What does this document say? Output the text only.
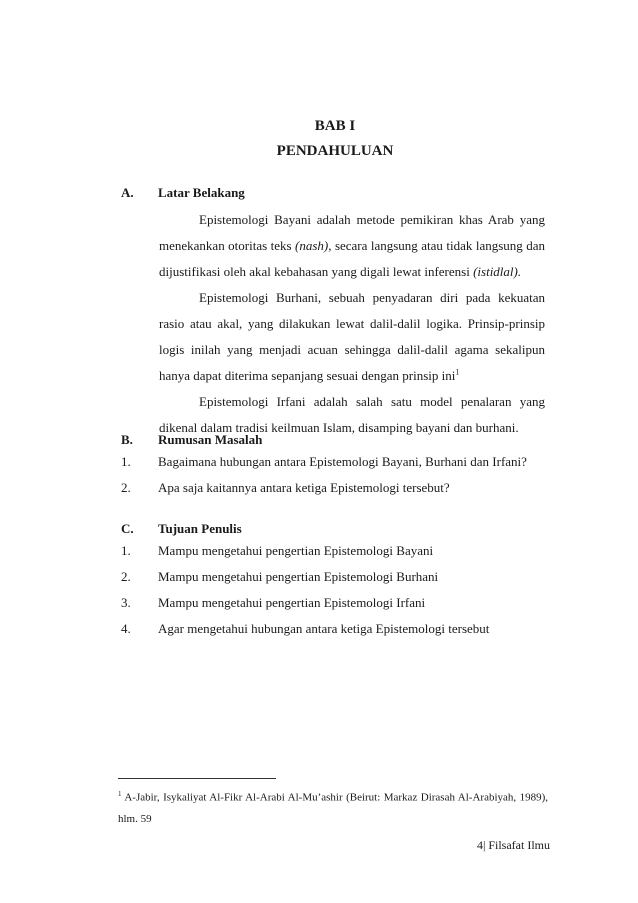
BAB I
PENDAHULUAN
A. Latar Belakang

Epistemologi Bayani adalah metode pemikiran khas Arab yang menekankan otoritas teks (nash), secara langsung atau tidak langsung dan dijustifikasi oleh akal kebahasan yang digali lewat inferensi (istidlal).

Epistemologi Burhani, sebuah penyadaran diri pada kekuatan rasio atau akal, yang dilakukan lewat dalil-dalil logika. Prinsip-prinsip logis inilah yang menjadi acuan sehingga dalil-dalil agama sekalipun hanya dapat diterima sepanjang sesuai dengan prinsip ini$^1$

Epistemologi Irfani adalah salah satu model penalaran yang dikenal dalam tradisi keilmuan Islam, disamping bayani dan burhani.

B. Rumusan Masalah
1. Bagaimana hubungan antara Epistemologi Bayani, Burhani dan Irfani?
2. Apa saja kaitannya antara ketiga Epistemologi tersebut?
C. Tujuan Penulis
1. Mampu mengetahui pengertian Epistemologi Bayani
2. Mampu mengetahui pengertian Epistemologi Burhani
3. Mampu mengetahui pengertian Epistemologi Irfani
4. Agar mengetahui hubungan antara ketiga Epistemologi tersebut

$^1$ A-Jabir, Isykaliyat Al-Fikr Al-Arabi Al-Mu’ashir (Beirut: Markaz Dirasah Al-Arabiyah, 1989), hlm. 59

4| Filsafat Ilmu
